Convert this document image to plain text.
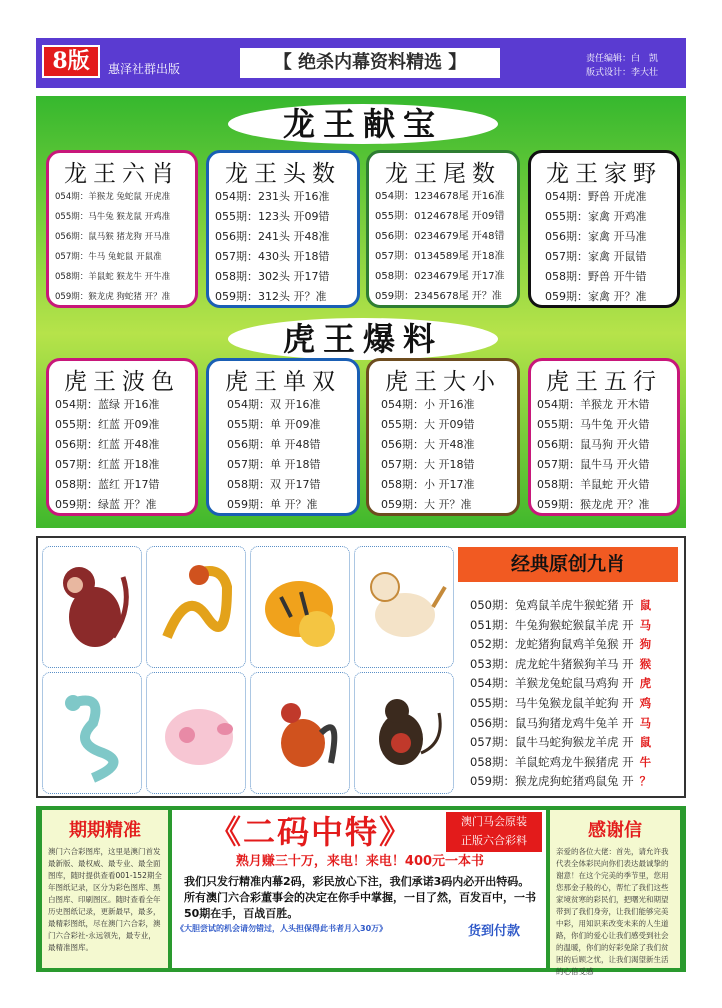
8版	惠泽社群出版	【 绝杀内幕资料精选 】	责任编辑：白　凯
版式设计：李大壮
龙王献宝
龙王六肖
054期：羊猴龙 兔蛇鼠 开虎准
055期：马牛兔 猴龙鼠 开鸡准
056期：鼠马猴 猪龙狗 开马准
057期：牛马 兔蛇鼠 开鼠准
058期：羊鼠蛇 猴龙牛 开牛准
059期：猴龙虎 狗蛇猪 开？准
龙王头数
054期：231头 开16准
055期：123头 开09错
056期：241头 开48准
057期：430头 开18错
058期：302头 开17错
059期：312头 开？准
龙王尾数
054期：1234678尾 开16准
055期：0124678尾 开09错
056期：0234679尾 开48错
057期：0134589尾 开18准
058期：0234679尾 开17准
059期：2345678尾 开？准
龙王家野
054期：野兽 开虎准
055期：家禽 开鸡准
056期：家禽 开马准
057期：家禽 开鼠错
058期：野兽 开牛错
059期：家禽 开？准
虎王爆料
虎王波色
054期：蓝绿 开16准
055期：红蓝 开09准
056期：红蓝 开48准
057期：红蓝 开18准
058期：蓝红 开17错
059期：绿蓝 开？准
虎王单双
054期：双 开16准
055期：单 开09准
056期：单 开48错
057期：单 开18错
058期：双 开17错
059期：单 开？准
虎王大小
054期：小 开16准
055期：大 开09错
056期：大 开48准
057期：大 开18错
058期：小 开17准
059期：大 开？准
虎王五行
054期：羊猴龙 开木错
055期：马牛兔 开火错
056期：鼠马狗 开火错
057期：鼠牛马 开火错
058期：羊鼠蛇 开火错
059期：猴龙虎 开？准
经典原创九肖
050期：兔鸡鼠羊虎牛猴蛇猪 开 鼠
051期：牛兔狗猴蛇猴鼠羊虎 开 马
052期：龙蛇猪狗鼠鸡羊兔猴 开 狗
053期：虎龙蛇牛猪猴狗羊马 开 猴
054期：羊猴龙兔蛇鼠马鸡狗 开 虎
055期：马牛兔猴龙鼠羊蛇狗 开 鸡
056期：鼠马狗猪龙鸡牛兔羊 开 马
057期：鼠牛马蛇狗猴龙羊虎 开 鼠
058期：羊鼠蛇鸡龙牛猴猪虎 开 牛
期期精准
澳门六合彩图库，这里是澳门首发最新版、最权威、最专业、最全面图库，随时提供查看001-152期全年图纸记录，区分为彩色图库、黑白图库、印刷图区。随时查看全年历史图纸记录，更新最早，最多，最精彩图纸，尽在澳门六合彩，澳门六合彩社-永远领先，最专业，最精准图库。
《二码中特》	澳门马会原装
正版六合彩料
熟月赚三十万，来电！来电！400元一本书
我们只发行精准内幕2码，彩民放心下注，我们承诺3码内必开出特码。所有澳门六合彩董事会的决定在你手中掌握，一目了然，百发百中，一书50期在手，百战百胜。
《大胆尝试的机会请勿错过，人头担保得此书者月入30万》	货到付款
感谢信
亲爱的各位大佬：首先，请允许我代表全体彩民向你们表达最诚挚的谢意！在这个完美的季节里，您用您那金子般的心，帮忙了我们这些家境贫寒的彩民们，把曙光和期望带到了我们身旁，让我们能够完美中彩，用知识来改变未来的人生道路，你们的爱心让我们感受到社会的温暖，你们的好彩免除了我们贫困的后顾之忧，让我们渴望新生活的心倍受感
059期：猴龙虎狗蛇猪鸡鼠兔 开 ？
